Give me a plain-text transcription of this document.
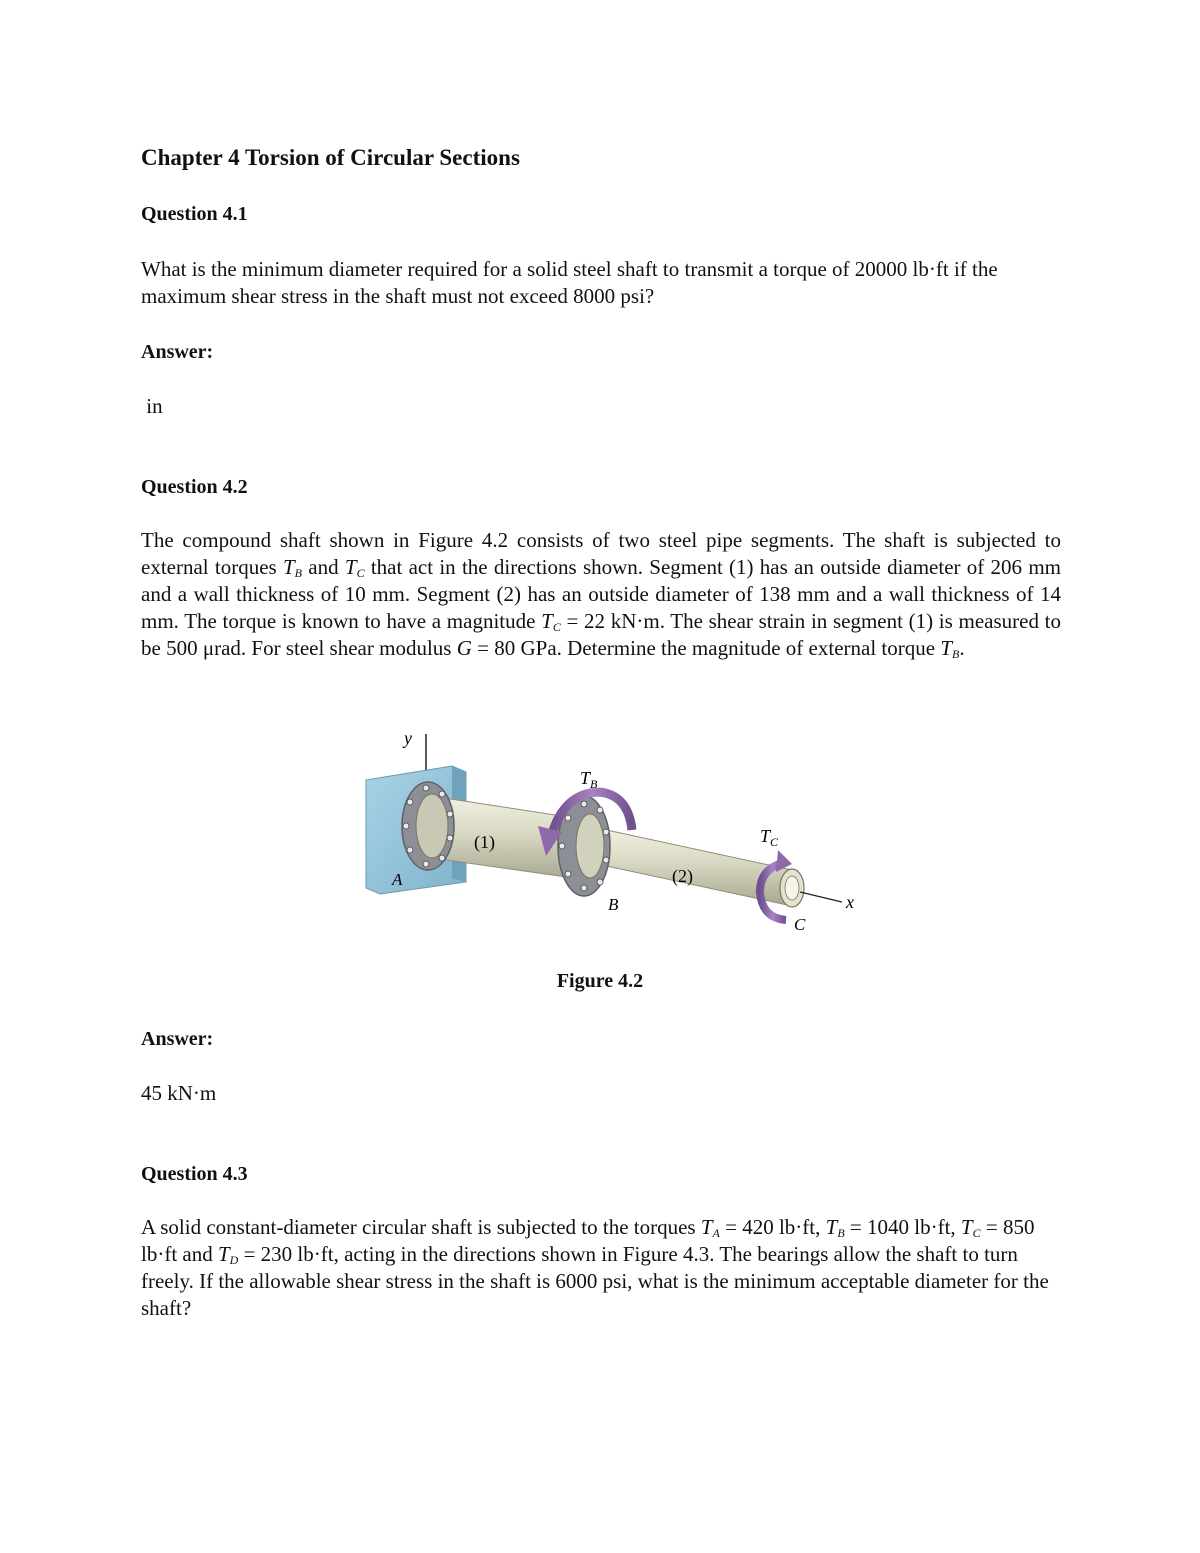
Chapter 4 Torsion of Circular Sections
Question 4.1
What is the minimum diameter required for a solid steel shaft to transmit a torque of 20000 lb·ft if the maximum shear stress in the shaft must not exceed 8000 psi?
Answer:
in
Question 4.2
The compound shaft shown in Figure 4.2 consists of two steel pipe segments. The shaft is subjected to external torques $T_B$ and $T_C$ that act in the directions shown. Segment (1) has an outside diameter of 206 mm and a wall thickness of 10 mm. Segment (2) has an outside diameter of 138 mm and a wall thickness of 14 mm. The torque is known to have a magnitude $T_C = 22$ kN·m. The shear strain in segment (1) is measured to be 500 μrad. For steel shear modulus G = 80 GPa. Determine the magnitude of external torque $T_B$.
y
A
(1)
(2)
B
$T_B$
$T_C$
C
x
Figure 4.2
Answer:
45 kN·m
Question 4.3
A solid constant-diameter circular shaft is subjected to the torques $T_A = 420$ lb·ft, $T_B = 1040$ lb·ft, $T_C = 850$ lb·ft and $T_D = 230$ lb·ft, acting in the directions shown in Figure 4.3. The bearings allow the shaft to turn freely. If the allowable shear stress in the shaft is 6000 psi, what is the minimum acceptable diameter for the shaft?
